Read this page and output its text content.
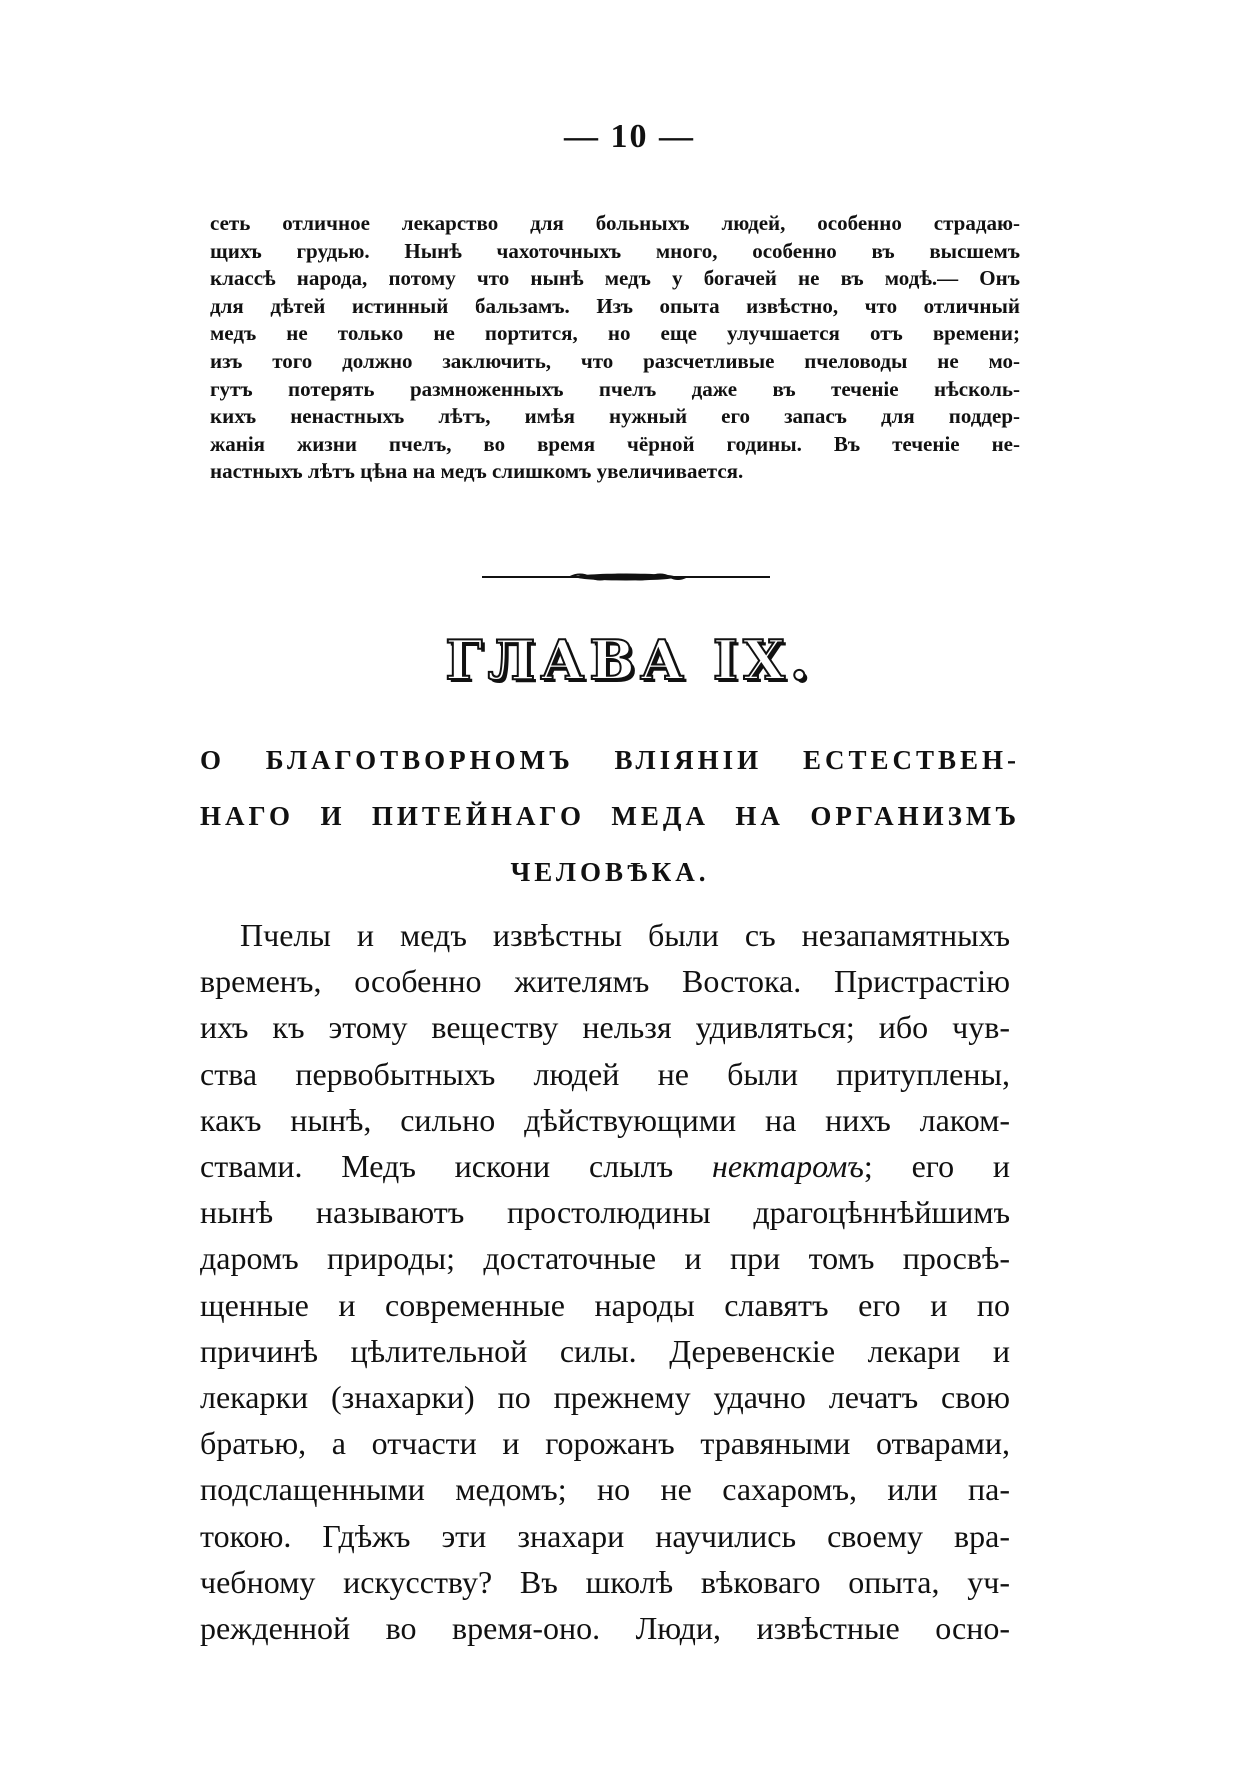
— 10 —
сеть отличное лекарство для больныхъ людей, особенно страдаю-
щихъ грудью. Нынѣ чахоточныхъ много, особенно въ высшемъ
классѣ народа, потому что нынѣ медъ у богачей не въ модѣ.— Онъ
для дѣтей истинный бальзамъ. Изъ опыта извѣстно, что отличный
медъ не только не портится, но еще улучшается отъ времени;
изъ того должно заключить, что разсчетливые пчеловоды не мо-
гутъ потерять размноженныхъ пчелъ даже въ теченіе нѣсколь-
кихъ ненастныхъ лѣтъ, имѣя нужный его запасъ для поддер-
жанія жизни пчелъ, во время чёрной годины. Въ теченіе не-
настныхъ лѣтъ цѣна на медъ слишкомъ увеличивается.
ГЛАВА IX.
О БЛАГОТВОРНОМЪ ВЛІЯНІИ ЕСТЕСТВЕН-
НАГО И ПИТЕЙНАГО МЕДА НА ОРГАНИЗМЪ
ЧЕЛОВѢКА.
Пчелы и медъ извѣстны были съ незапамятныхъ
временъ, особенно жителямъ Востока. Пристрастію
ихъ къ этому веществу нельзя удивляться; ибо чув-
ства первобытныхъ людей не были притуплены,
какъ нынѣ, сильно дѣйствующими на нихъ лаком-
ствами. Медъ искони слылъ нектаромъ; его и
нынѣ называютъ простолюдины драгоцѣннѣйшимъ
даромъ природы; достаточные и при томъ просвѣ-
щенные и современные народы славятъ его и по
причинѣ цѣлительной силы. Деревенскіе лекари и
лекарки (знахарки) по прежнему удачно лечатъ свою
братью, а отчасти и горожанъ травяными отварами,
подслащенными медомъ; но не сахаромъ, или па-
токою. Гдѣжъ эти знахари научились своему вра-
чебному искусству? Въ школѣ вѣковаго опыта, уч-
режденной во время-оно. Люди, извѣстные осно-
